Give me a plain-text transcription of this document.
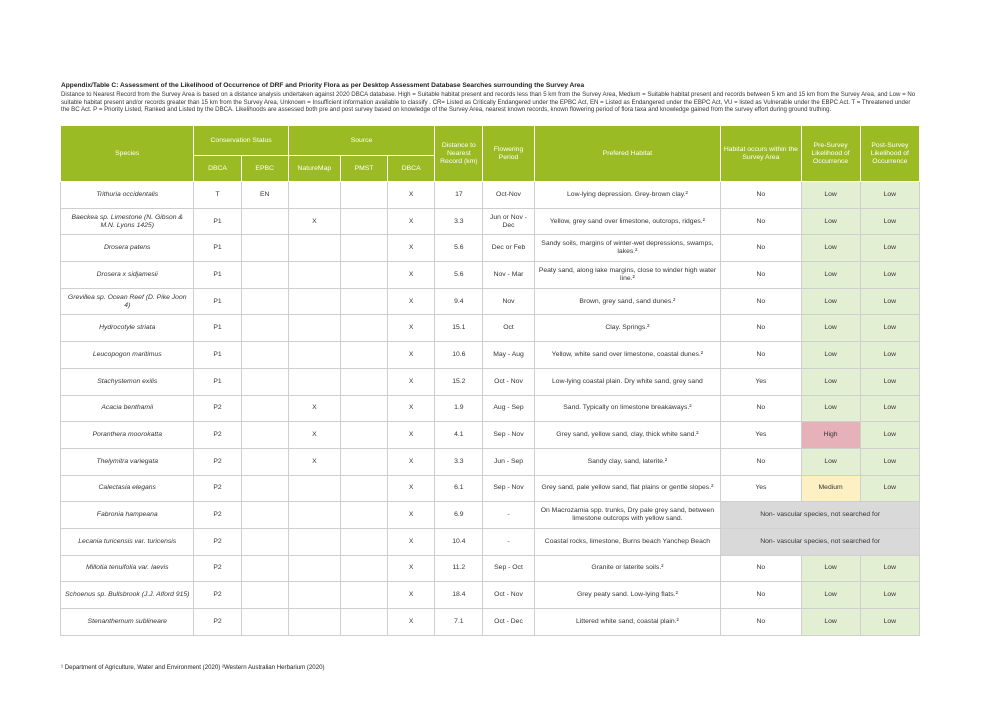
Appendix/Table C: Assessment of the Likelihood of Occurrence of DRF and Priority Flora as per Desktop Assessment Database Searches surrounding the Survey Area
Distance to Nearest Record from the Survey Area is based on a distance analysis undertaken against 2020 DBCA database. High = Suitable habitat present and records less than 5 km from the Survey Area, Medium = Suitable habitat present and records between 5 km and 15 km from the Survey Area, and Low = No suitable habitat present and/or records greater than 15 km from the Survey Area, Unknown = Insufficient information available to classify . CR= Listed as Critically Endangered under the EPBC Act, EN = Listed as Endangered under the EBPC Act, VU = listed as Vulnerable under the EBPC Act. T = Threatened under the BC Act. P = Priority Listed, Ranked and Listed by the DBCA. Likelihoods are assessed both pre and post survey based on knowledge of the Survey Area, nearest known records, known flowering period of flora taxa and knowledge gained from the survey effort during ground truthing.
Species	Conservation Status		Source			Distance to Nearest Record (km)	Flowering Period	Prefered Habitat	Habitat occurs within the Survey Area	Pre-Survey Likelihood of Occurrence	Post-Survey Likelihood of Occurrence
	DBCA	EPBC	NatureMap	PMST	DBCA						
Trithuria occidentalis	T	EN			X	17	Oct-Nov	Low-lying depression. Grey-brown clay.²	No	Low	Low
Baeckea sp. Limestone (N. Gibson & M.N. Lyons 1425)	P1		X		X	3.3	Jun or Nov - Dec	Yellow, grey sand over limestone, outcrops, ridges.²	No	Low	Low
Drosera patens	P1				X	5.6	Dec or Feb	Sandy soils, margins of winter-wet depressions, swamps, lakes.²	No	Low	Low
Drosera x sidjamesii	P1				X	5.6	Nov - Mar	Peaty sand, along lake margins, close to winder high water line.²	No	Low	Low
Grevillea sp. Ocean Reef (D. Pike Joon 4)	P1				X	9.4	Nov	Brown, grey sand, sand dunes.²	No	Low	Low
Hydrocotyle striata	P1				X	15.1	Oct	Clay. Springs.²	No	Low	Low
Leucopogon maritimus	P1				X	10.6	May - Aug	Yellow, white sand over limestone, coastal dunes.²	No	Low	Low
Stachystemon exilis	P1				X	15.2	Oct - Nov	Low-lying coastal plain. Dry white sand, grey sand	Yes	Low	Low
Acacia benthamii	P2		X		X	1.9	Aug - Sep	Sand. Typically on limestone breakaways.²	No	Low	Low
Poranthera moorokatta	P2		X		X	4.1	Sep - Nov	Grey sand, yellow sand, clay, thick white sand.²	Yes	High	Low
Thelymitra variegata	P2		X		X	3.3	Jun - Sep	Sandy clay, sand, laterite.²	No	Low	Low
Calectasia elegans	P2				X	6.1	Sep - Nov	Grey sand, pale yellow sand, flat plains or gentle slopes.²	Yes	Medium	Low
Fabronia hampeana	P2				X	6.9	-	On Macrozamia spp. trunks, Dry pale grey sand, between limestone outcrops with yellow sand.	Non- vascular species, not searched for		
Lecania turicensis var. turicensis	P2				X	10.4	-	Coastal rocks, limestone, Burns beach Yanchep Beach	Non- vascular species, not searched for		
Millotia tenuifolia var. laevis	P2				X	11.2	Sep - Oct	Granite or laterite soils.²	No	Low	Low
Schoenus sp. Bullsbrook (J.J. Alford 915)	P2				X	18.4	Oct - Nov	Grey peaty sand. Low-lying flats.²	No	Low	Low
Stenanthemum sublineare	P2				X	7.1	Oct - Dec	Littered white sand, coastal plain.²	No	Low	Low
¹ Department of Agriculture, Water and Environment (2020) ²Western Australian Herbarium (2020)
